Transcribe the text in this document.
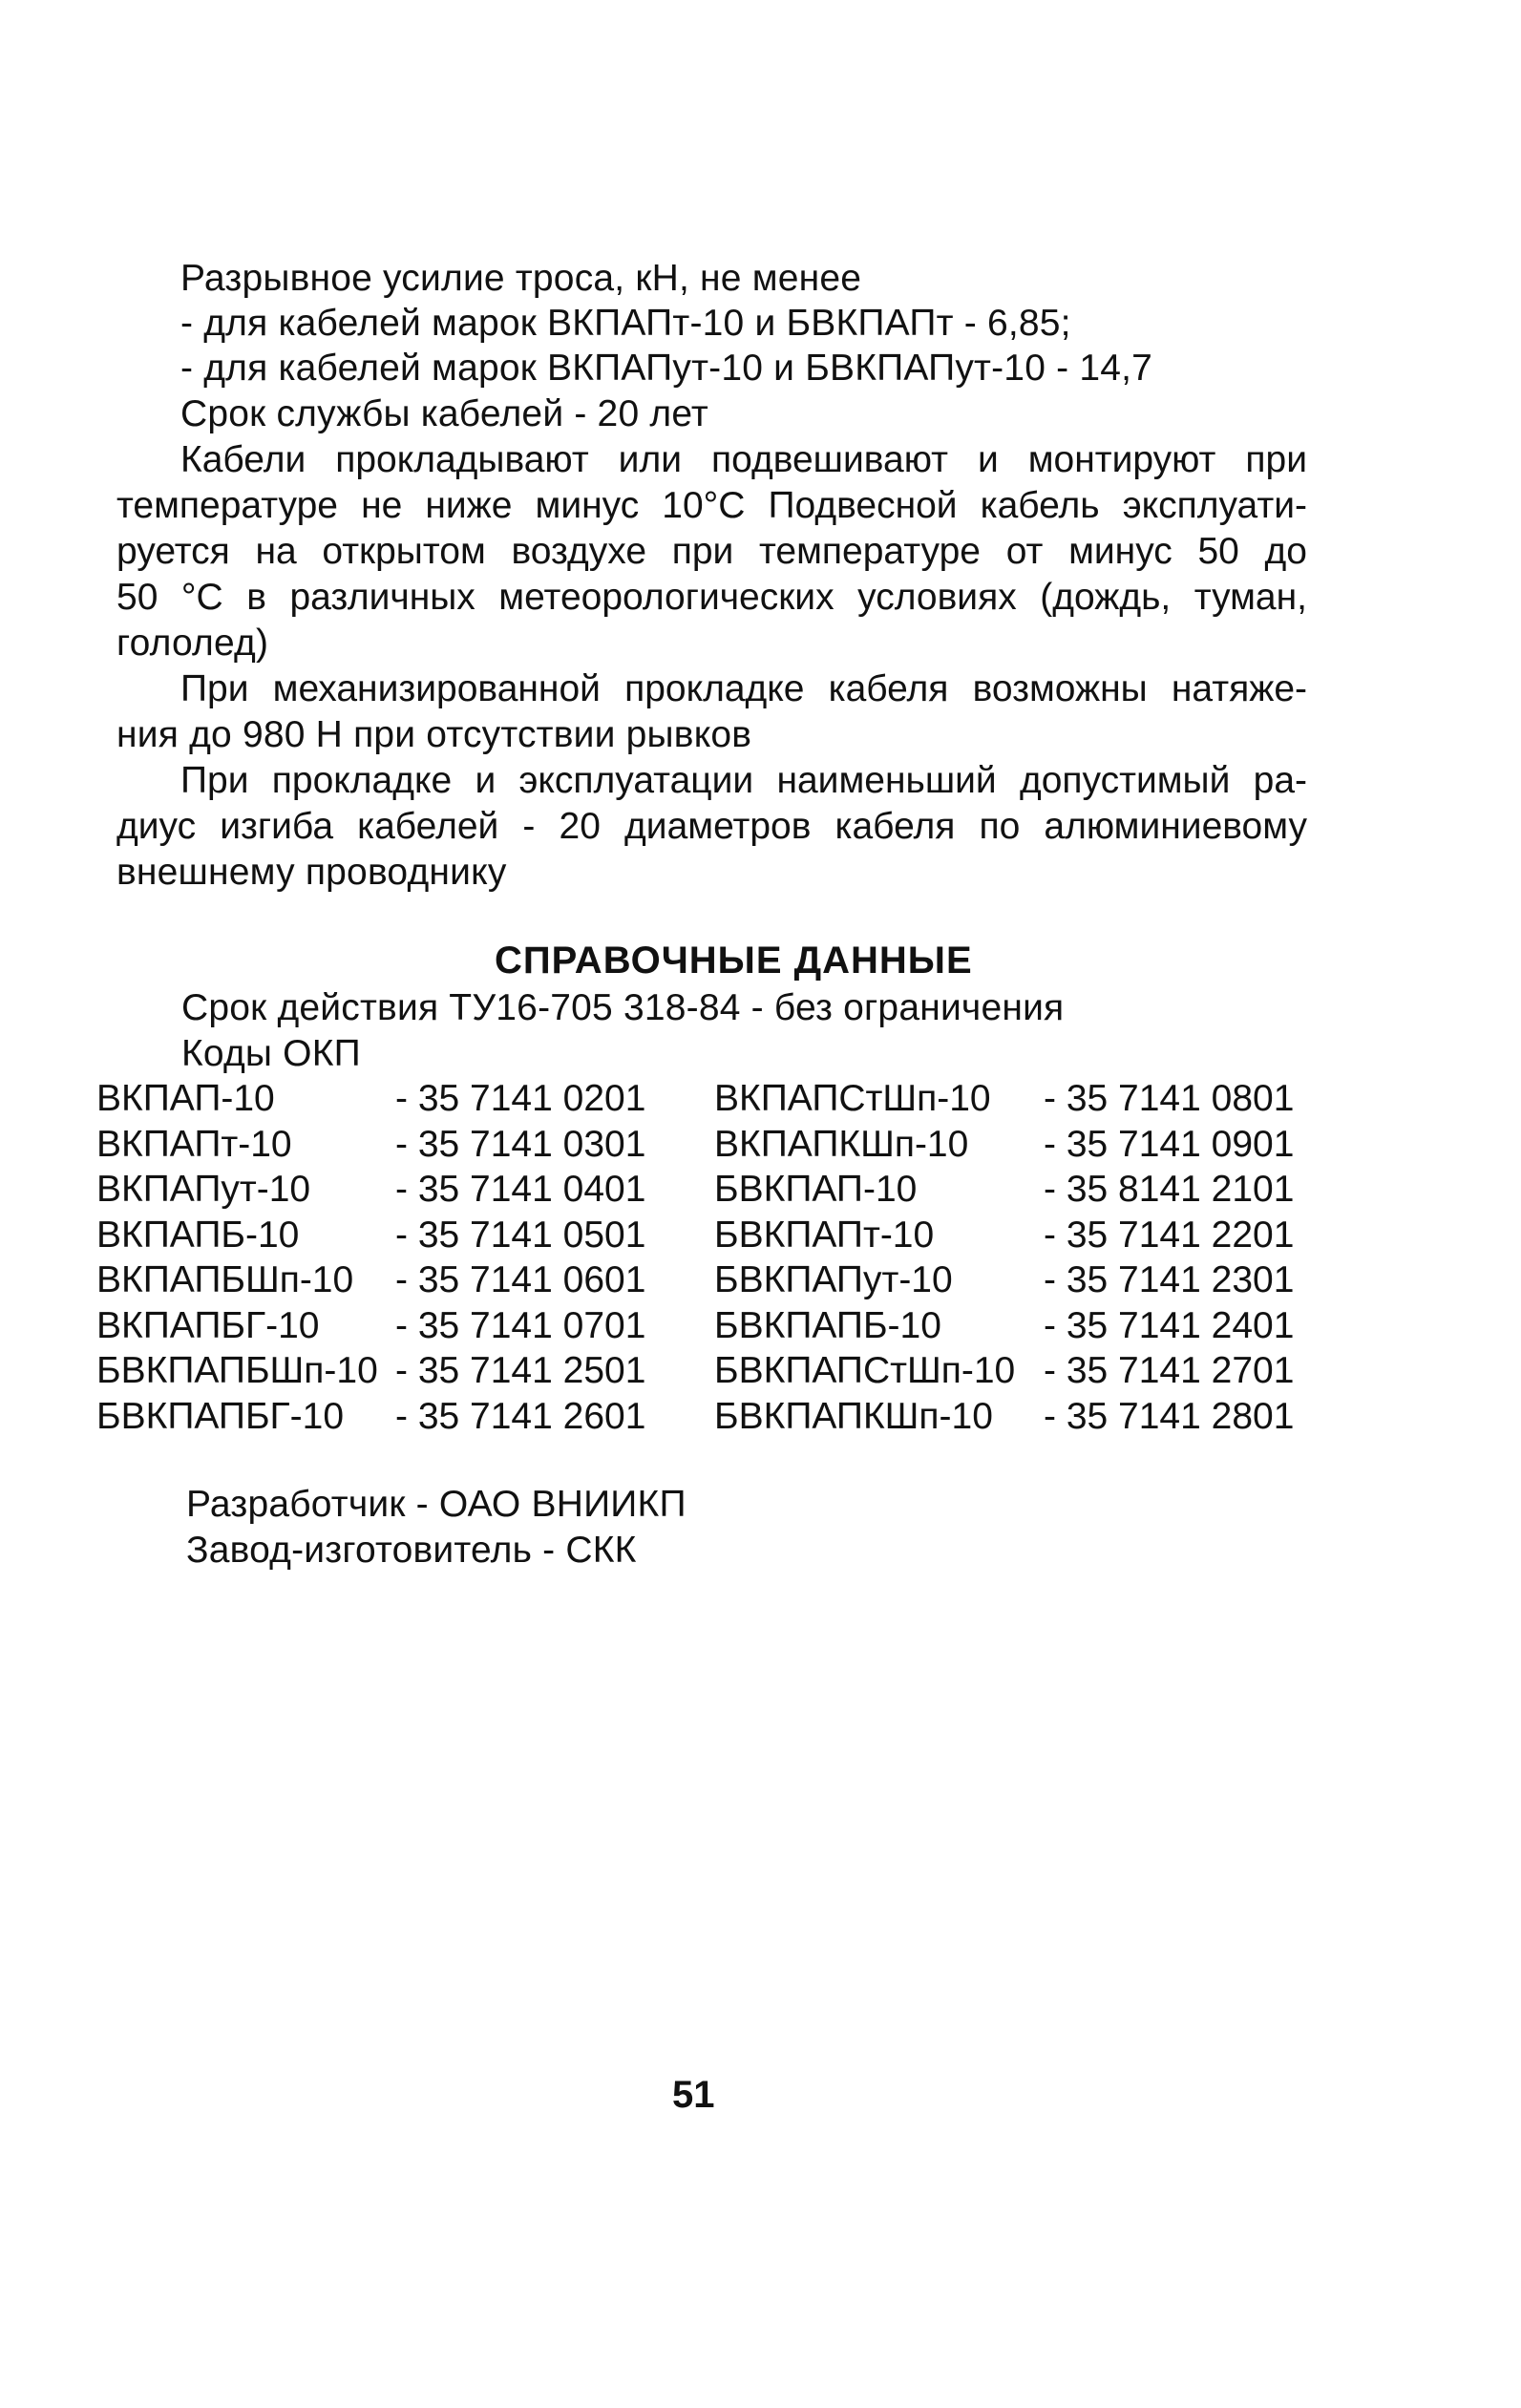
Разрывное усилие троса, кН, не менее
- для кабелей марок ВКПАПт-10 и БВКПАПт - 6,85;
- для кабелей марок ВКПАПут-10 и БВКПАПут-10 - 14,7
Срок службы кабелей - 20 лет
Кабели прокладывают или подвешивают и монтируют при
температуре не ниже минус 10°С Подвесной кабель эксплуати-
руется на открытом воздухе при температуре от минус 50 до
50 °С в различных метеорологических условиях (дождь, туман,
гололед)
При механизированной прокладке кабеля возможны натяже-
ния до 980 Н при отсутствии рывков
При прокладке и эксплуатации наименьший допустимый ра-
диус изгиба кабелей - 20 диаметров кабеля по алюминиевому
внешнему проводнику
СПРАВОЧНЫЕ ДАННЫЕ
Срок действия ТУ16-705 318-84 - без ограничения
Коды ОКП
ВКПАП-10
ВКПАПт-10
ВКПАПут-10
ВКПАПБ-10
ВКПАПБШп-10
ВКПАПБГ-10
БВКПАПБШп-10
БВКПАПБГ-10
- 35 7141 0201
- 35 7141 0301
- 35 7141 0401
- 35 7141 0501
- 35 7141 0601
- 35 7141 0701
- 35 7141 2501
- 35 7141 2601
ВКПАПСтШп-10
ВКПАПКШп-10
БВКПАП-10
БВКПАПт-10
БВКПАПут-10
БВКПАПБ-10
БВКПАПСтШп-10
БВКПАПКШп-10
- 35 7141 0801
- 35 7141 0901
- 35 8141 2101
- 35 7141 2201
- 35 7141 2301
- 35 7141 2401
- 35 7141 2701
- 35 7141 2801
Разработчик - ОАО ВНИИКП
Завод-изготовитель - СКК
51
